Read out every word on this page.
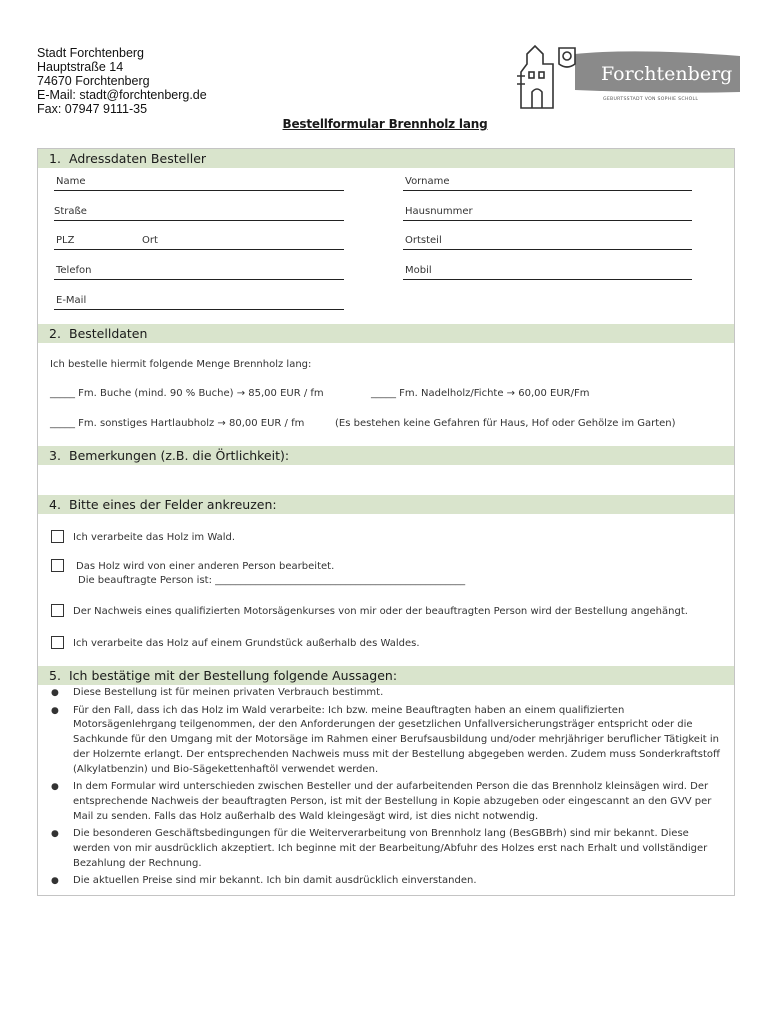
Stadt Forchtenberg
Hauptstraße 14
74670 Forchtenberg
E-Mail: stadt@forchtenberg.de
Fax: 07947 9111-35
Forchtenberg
GEBURTSSTADT VON SOPHIE SCHOLL
Bestellformular Brennholz lang
1. Adressdaten Besteller
Name	Vorname
Straße	Hausnummer
PLZ	Ort	Ortsteil
Telefon	Mobil
E-Mail
2. Bestelldaten
Ich bestelle hiermit folgende Menge Brennholz lang:
_____ Fm. Buche (mind. 90 % Buche) → 85,00 EUR / fm	_____ Fm. Nadelholz/Fichte → 60,00 EUR/Fm
_____ Fm. sonstiges Hartlaubholz → 80,00 EUR / fm	(Es bestehen keine Gefahren für Haus, Hof oder Gehölze im Garten)
3. Bemerkungen (z.B. die Örtlichkeit):
4. Bitte eines der Felder ankreuzen:
Ich verarbeite das Holz im Wald.
Das Holz wird von einer anderen Person bearbeitet.
Die beauftragte Person ist: __________________________________________________
Der Nachweis eines qualifizierten Motorsägenkurses von mir oder der beauftragten Person wird der Bestellung angehängt.
Ich verarbeite das Holz auf einem Grundstück außerhalb des Waldes.
5. Ich bestätige mit der Bestellung folgende Aussagen:
● Diese Bestellung ist für meinen privaten Verbrauch bestimmt.
● Für den Fall, dass ich das Holz im Wald verarbeite: Ich bzw. meine Beauftragten haben an einem qualifizierten Motorsägenlehrgang teilgenommen, der den Anforderungen der gesetzlichen Unfallversicherungsträger entspricht oder die Sachkunde für den Umgang mit der Motorsäge im Rahmen einer Berufsausbildung und/oder mehrjähriger beruflicher Tätigkeit in der Holzernte erlangt. Der entsprechenden Nachweis muss mit der Bestellung abgegeben werden. Zudem muss Sonderkraftstoff (Alkylatbenzin) und Bio-Sägekettenhaftöl verwendet werden.
● In dem Formular wird unterschieden zwischen Besteller und der aufarbeitenden Person die das Brennholz kleinsägen wird. Der entsprechende Nachweis der beauftragten Person, ist mit der Bestellung in Kopie abzugeben oder eingescannt an den GVV per Mail zu senden. Falls das Holz außerhalb des Wald kleingesägt wird, ist dies nicht notwendig.
● Die besonderen Geschäftsbedingungen für die Weiterverarbeitung von Brennholz lang (BesGBBrh) sind mir bekannt. Diese werden von mir ausdrücklich akzeptiert. Ich beginne mit der Bearbeitung/Abfuhr des Holzes erst nach Erhalt und vollständiger Bezahlung der Rechnung.
● Die aktuellen Preise sind mir bekannt. Ich bin damit ausdrücklich einverstanden.
